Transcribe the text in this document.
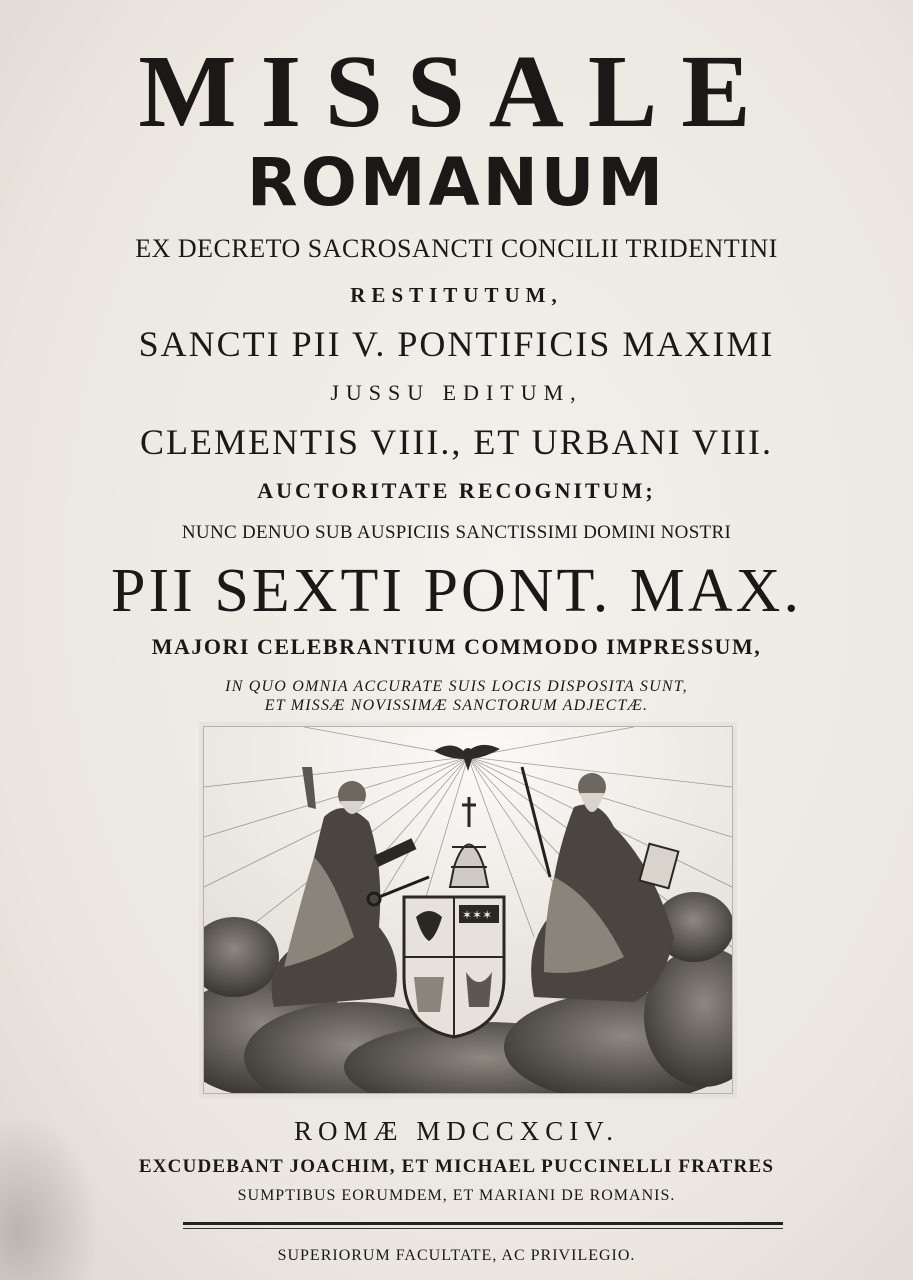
MISSALE
ROMANUM

EX DECRETO SACROSANCTI CONCILII TRIDENTINI

RESTITUTUM,

SANCTI PII V. PONTIFICIS MAXIMI

JUSSU EDITUM,

CLEMENTIS VIII., ET URBANI VIII.

AUCTORITATE RECOGNITUM;

NUNC DENUO SUB AUSPICIIS SANCTISSIMI DOMINI NOSTRI

PII SEXTI PONT. MAX.

MAJORI CELEBRANTIUM COMMODO IMPRESSUM,

IN QUO OMNIA ACCURATE SUIS LOCIS DISPOSITA SUNT,

ET MISSÆ NOVISSIMÆ SANCTORUM ADJECTÆ.

✶✶✶

ROMÆ MDCCXCIV.

EXCUDEBANT JOACHIM, ET MICHAEL PUCCINELLI FRATRES

SUMPTIBUS EORUMDEM, ET MARIANI DE ROMANIS.

SUPERIORUM FACULTATE, AC PRIVILEGIO.
